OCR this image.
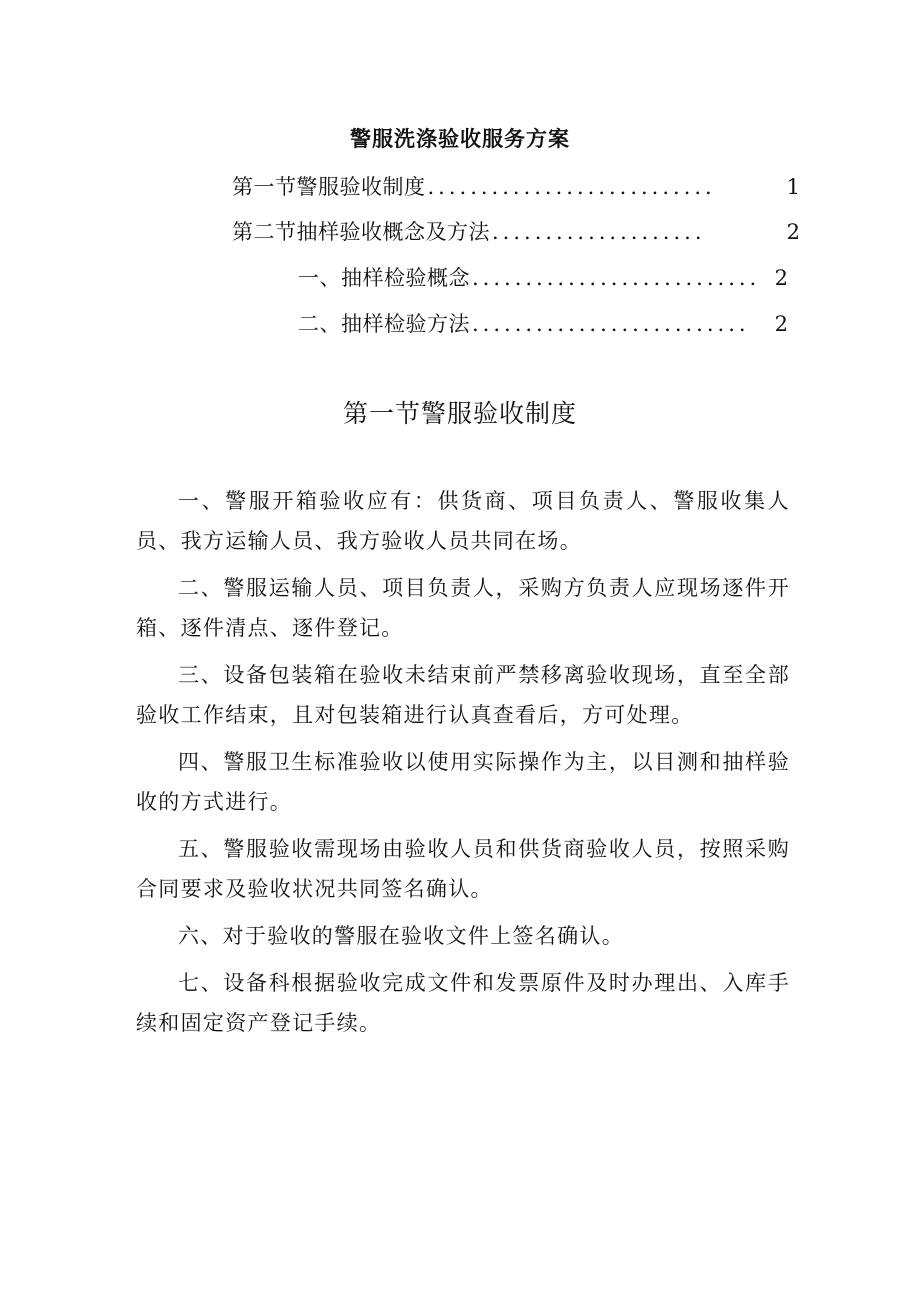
警服洗涤验收服务方案
第一节警服验收制度 ...........................	1
第二节抽样验收概念及方法 ....................	2
一、抽样检验概念 ........................... 2
二、抽样检验方法 ..........................	2
第一节警服验收制度

一、警服开箱验收应有：供货商、项目负责人、警服收集人员、我方运输人员、我方验收人员共同在场。

二、警服运输人员、项目负责人，采购方负责人应现场逐件开箱、逐件清点、逐件登记。

三、设备包装箱在验收未结束前严禁移离验收现场，直至全部验收工作结束，且对包装箱进行认真查看后，方可处理。

四、警服卫生标准验收以使用实际操作为主，以目测和抽样验收的方式进行。

五、警服验收需现场由验收人员和供货商验收人员，按照采购合同要求及验收状况共同签名确认。

六、对于验收的警服在验收文件上签名确认。

七、设备科根据验收完成文件和发票原件及时办理出、入库手续和固定资产登记手续。
